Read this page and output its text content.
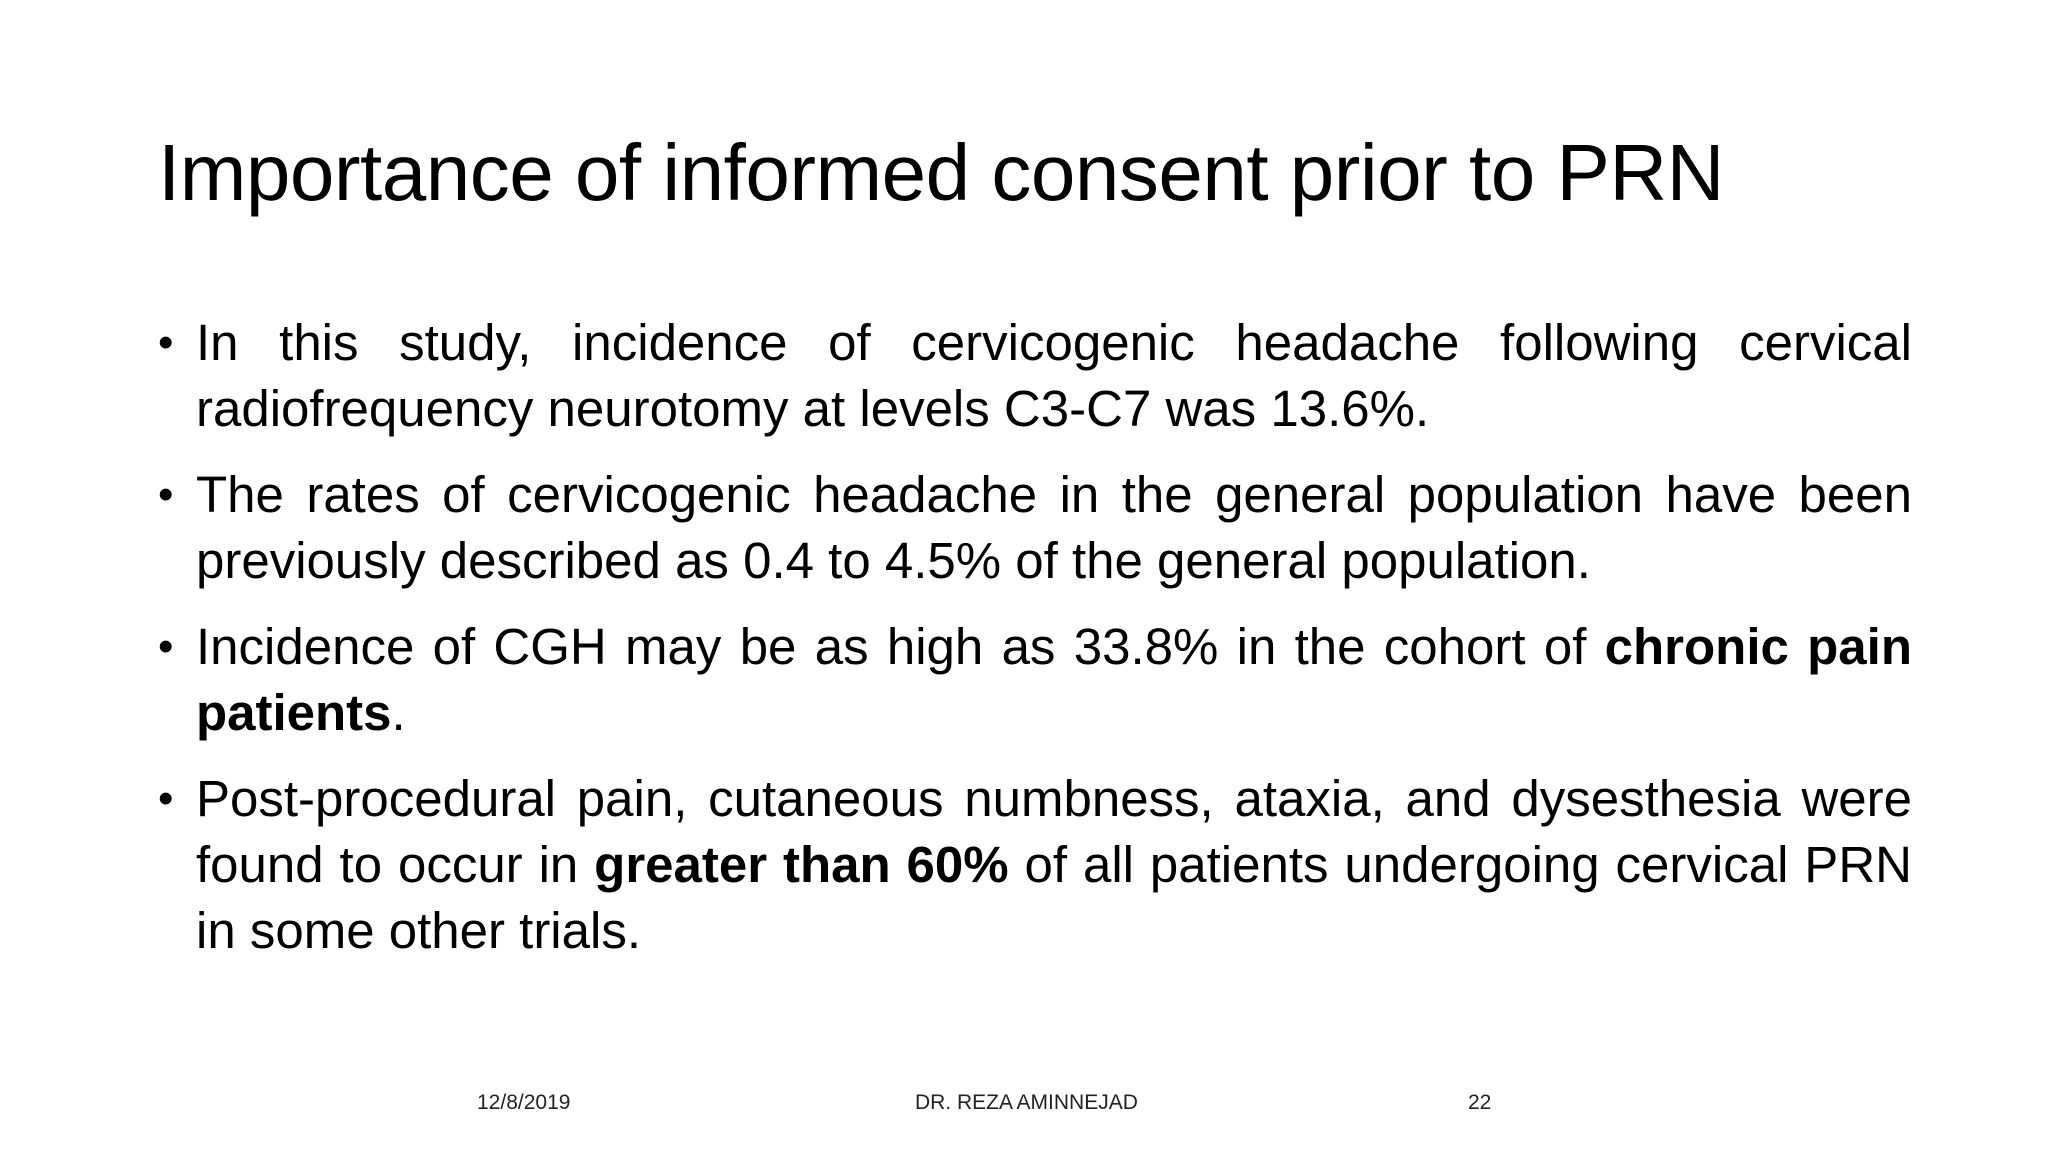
Importance of informed consent prior to PRN
• In this study, incidence of cervicogenic headache following cervical radiofrequency neurotomy at levels C3-C7 was 13.6%.
• The rates of cervicogenic headache in the general population have been previously described as 0.4 to 4.5% of the general population.
• Incidence of CGH may be as high as 33.8% in the cohort of chronic pain patients.
• Post-procedural pain, cutaneous numbness, ataxia, and dysesthesia were found to occur in greater than 60% of all patients undergoing cervical PRN in some other trials.
12/8/2019	DR. REZA AMINNEJAD	22
